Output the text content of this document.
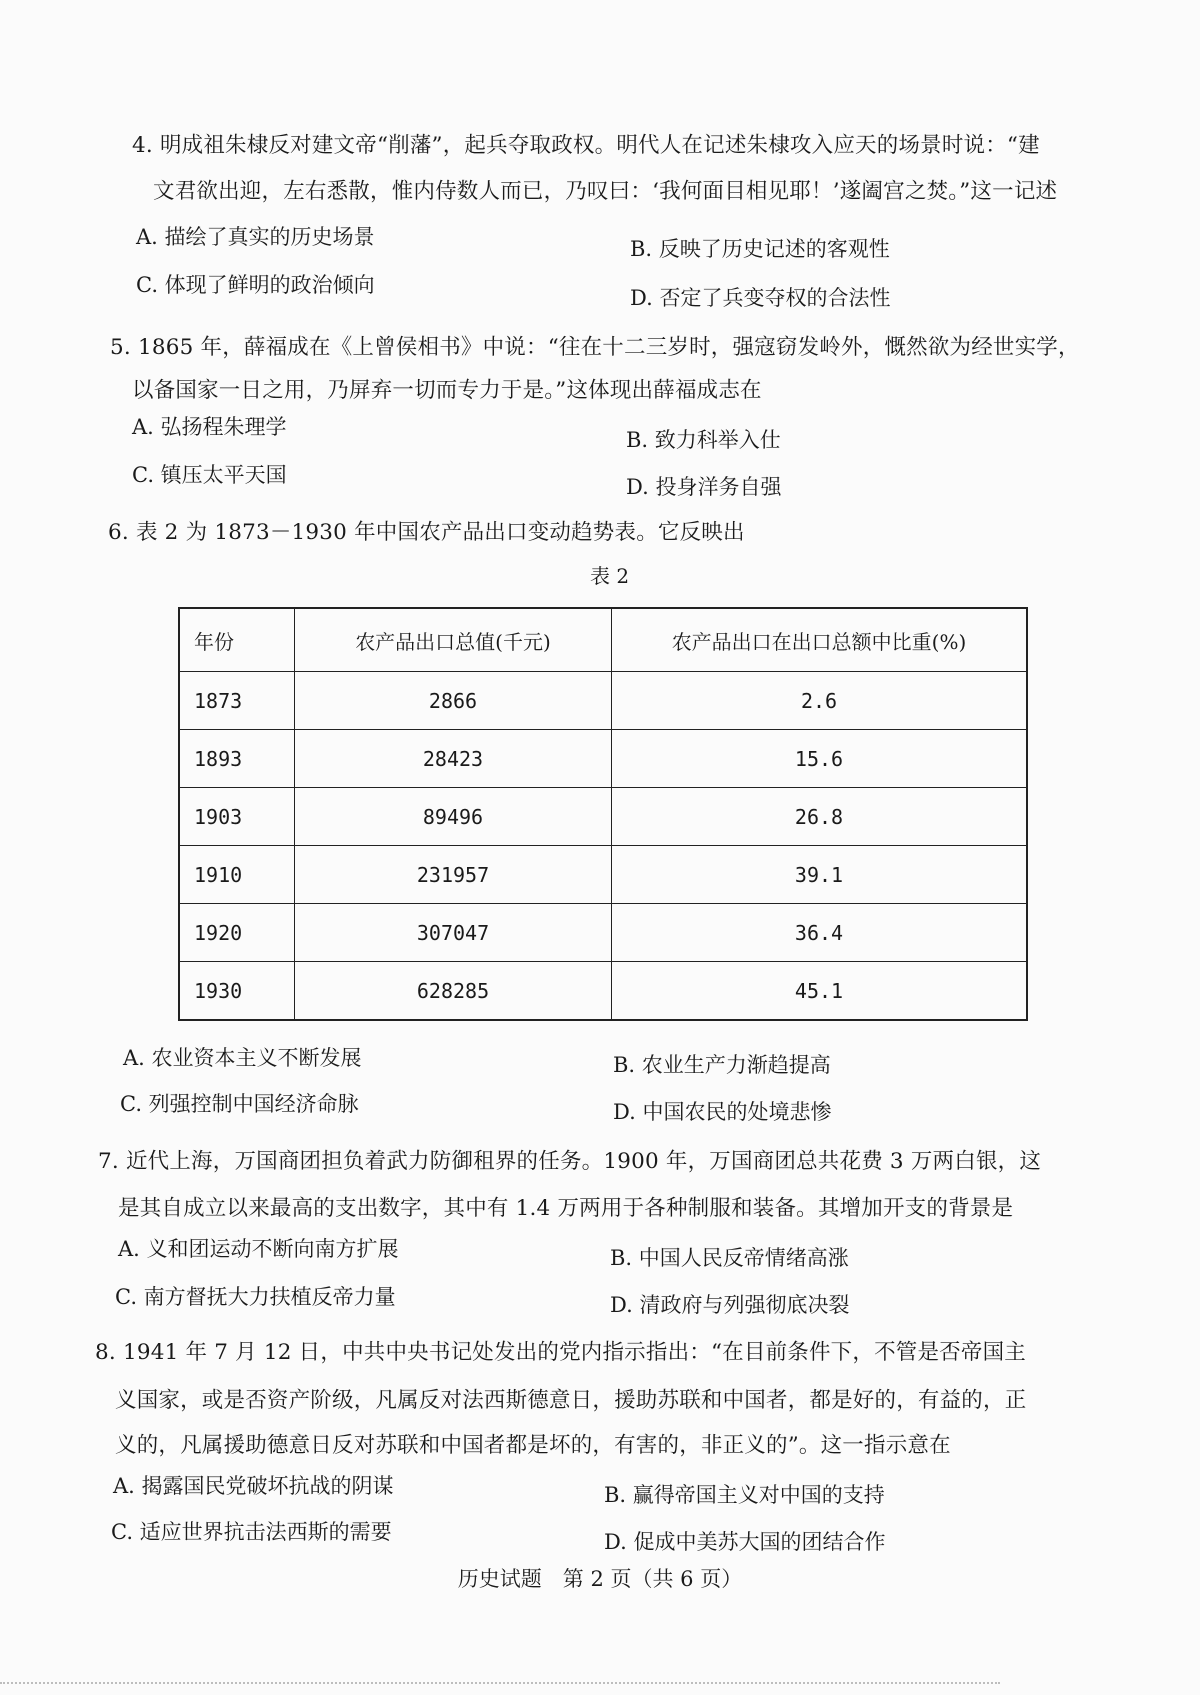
4. 明成祖朱棣反对建文帝“削藩”，起兵夺取政权。明代人在记述朱棣攻入应天的场景时说：“建
文君欲出迎，左右悉散，惟内侍数人而已，乃叹曰：‘我何面目相见耶！’遂阖宫之焚。”这一记述
A. 描绘了真实的历史场景	B. 反映了历史记述的客观性
C. 体现了鲜明的政治倾向
D. 否定了兵变夺权的合法性
5. 1865 年，薛福成在《上曾侯相书》中说：“往在十二三岁时，强寇窃发岭外，慨然欲为经世实学，
以备国家一日之用，乃屏弃一切而专力于是。”这体现出薛福成志在
A. 弘扬程朱理学
B. 致力科举入仕
C. 镇压太平天国	D. 投身洋务自强
6. 表 2 为 1873－1930 年中国农产品出口变动趋势表。它反映出
表 2
年份	农产品出口总值(千元)	农产品出口在出口总额中比重(%)
1873	2866	2.6
1893	28423	15.6
1903	89496	26.8
1910	231957	39.1
1920	307047	36.4
1930	628285	45.1
A. 农业资本主义不断发展	B. 农业生产力渐趋提高
C. 列强控制中国经济命脉	D. 中国农民的处境悲惨
7. 近代上海，万国商团担负着武力防御租界的任务。1900 年，万国商团总共花费 3 万两白银，这
是其自成立以来最高的支出数字，其中有 1.4 万两用于各种制服和装备。其增加开支的背景是
A. 义和团运动不断向南方扩展	B. 中国人民反帝情绪高涨
C. 南方督抚大力扶植反帝力量	D. 清政府与列强彻底决裂
8. 1941 年 7 月 12 日，中共中央书记处发出的党内指示指出：“在目前条件下，不管是否帝国主
义国家，或是否资产阶级，凡属反对法西斯德意日，援助苏联和中国者，都是好的，有益的，正
义的，凡属援助德意日反对苏联和中国者都是坏的，有害的，非正义的”。这一指示意在
A. 揭露国民党破坏抗战的阴谋	B. 赢得帝国主义对中国的支持
C. 适应世界抗击法西斯的需要	D. 促成中美苏大国的团结合作
历史试题　第 2 页（共 6 页）
